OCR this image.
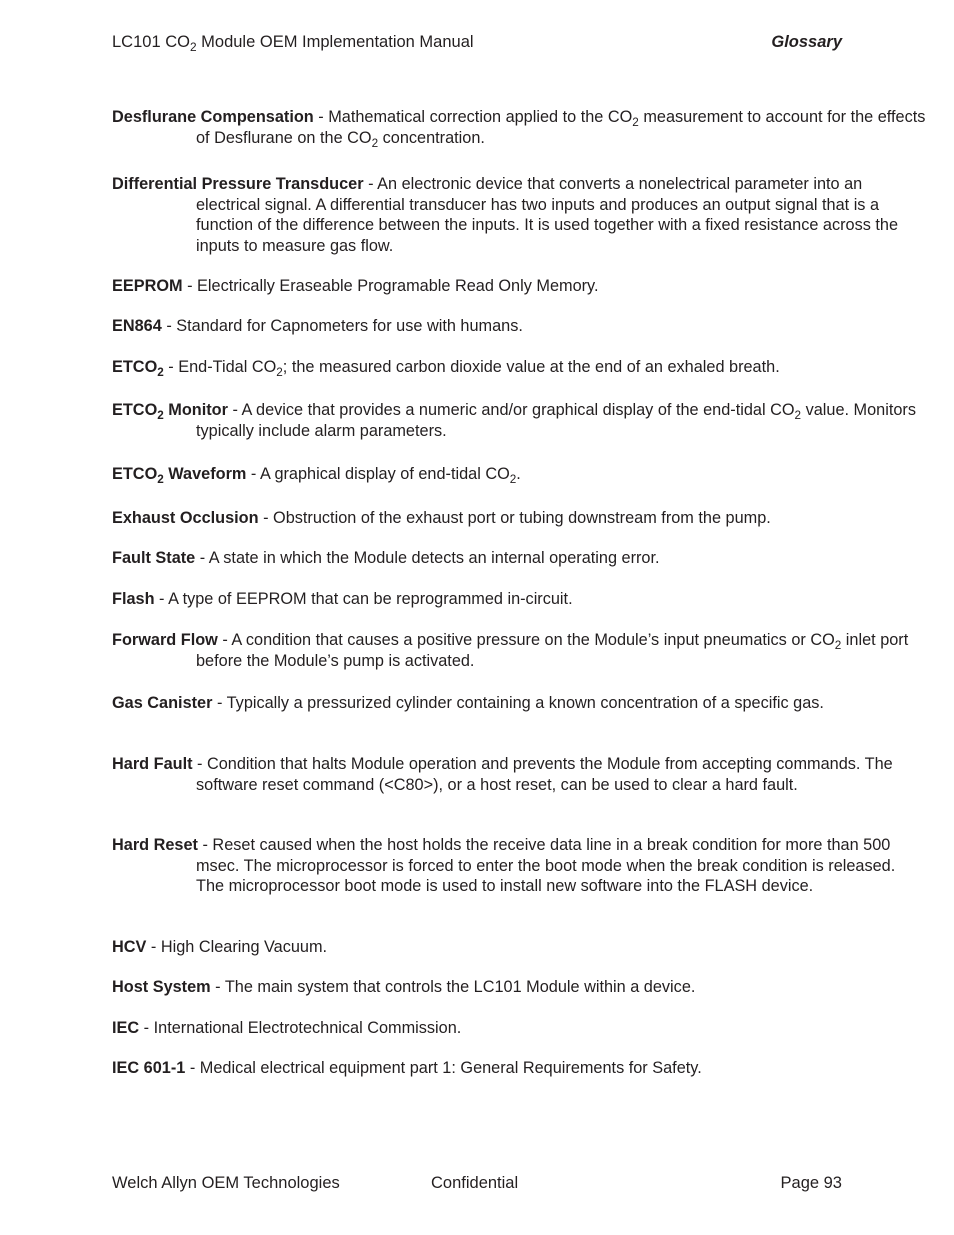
LC101 $CO_2$ Module OEM Implementation Manual	Glossary
Desflurane Compensation - Mathematical correction applied to the $CO_2$ measurement to account for the effects of Desflurane on the $CO_2$ concentration.
Differential Pressure Transducer - An electronic device that converts a nonelectrical parameter into an electrical signal. A differential transducer has two inputs and produces an output signal that is a function of the difference between the inputs. It is used together with a fixed resistance across the inputs to measure gas flow.
EEPROM - Electrically Eraseable Programable Read Only Memory.
EN864 - Standard for Capnometers for use with humans.
$ETCO_2$ - End-Tidal $CO_2$; the measured carbon dioxide value at the end of an exhaled breath.
$ETCO_2$ Monitor - A device that provides a numeric and/or graphical display of the end-tidal $CO_2$ value. Monitors typically include alarm parameters.
$ETCO_2$ Waveform - A graphical display of end-tidal $CO_2$.
Exhaust Occlusion - Obstruction of the exhaust port or tubing downstream from the pump.
Fault State - A state in which the Module detects an internal operating error.
Flash - A type of EEPROM that can be reprogrammed in-circuit.
Forward Flow - A condition that causes a positive pressure on the Module’s input pneumatics or $CO_2$ inlet port before the Module’s pump is activated.
Gas Canister - Typically a pressurized cylinder containing a known concentration of a specific gas.
Hard Fault - Condition that halts Module operation and prevents the Module from accepting commands. The software reset command (<C80>), or a host reset, can be used to clear a hard fault.
Hard Reset - Reset caused when the host holds the receive data line in a break condition for more than 500 msec. The microprocessor is forced to enter the boot mode when the break condition is released. The microprocessor boot mode is used to install new software into the FLASH device.
HCV - High Clearing Vacuum.
Host System - The main system that controls the LC101 Module within a device.
IEC - International Electrotechnical Commission.
IEC 601-1 - Medical electrical equipment part 1: General Requirements for Safety.
Welch Allyn OEM Technologies	Confidential	Page 93
